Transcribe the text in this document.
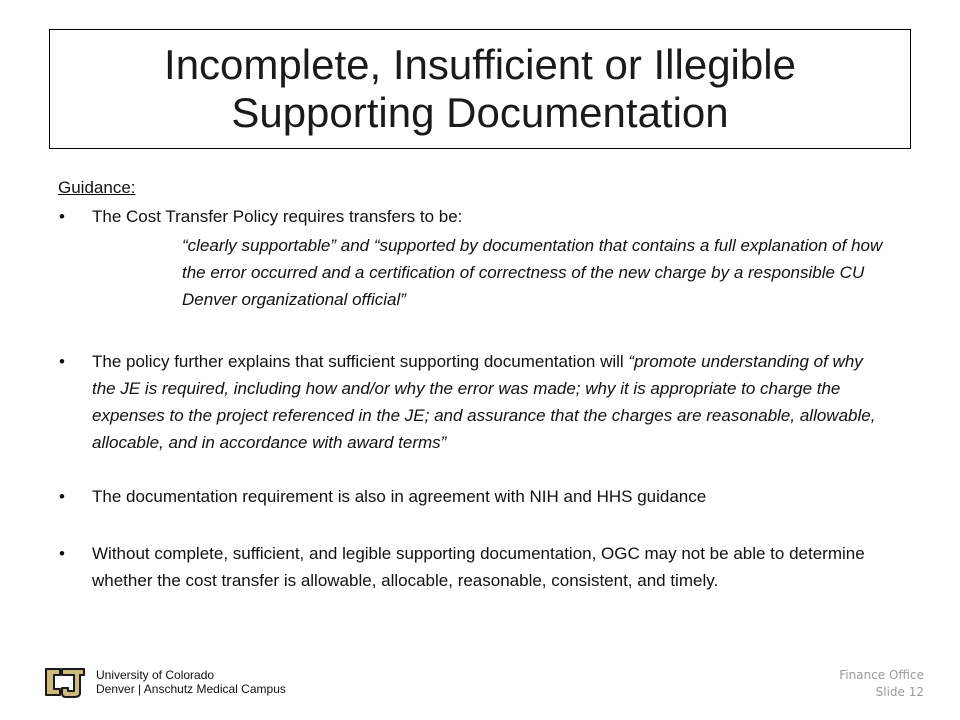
Incomplete, Insufficient or Illegible
Supporting Documentation
Guidance:
• The Cost Transfer Policy requires transfers to be:
“clearly supportable” and “supported by documentation that contains a full explanation of how the error occurred and a certification of correctness of the new charge by a responsible CU Denver organizational official”
• The policy further explains that sufficient supporting documentation will “promote understanding of why the JE is required, including how and/or why the error was made; why it is appropriate to charge the expenses to the project referenced in the JE; and assurance that the charges are reasonable, allowable, allocable, and in accordance with award terms”
• The documentation requirement is also in agreement with NIH and HHS guidance
• Without complete, sufficient, and legible supporting documentation, OGC may not be able to determine whether the cost transfer is allowable, allocable, reasonable, consistent, and timely.
University of Colorado
Denver | Anschutz Medical Campus
Finance Office
Slide 12
